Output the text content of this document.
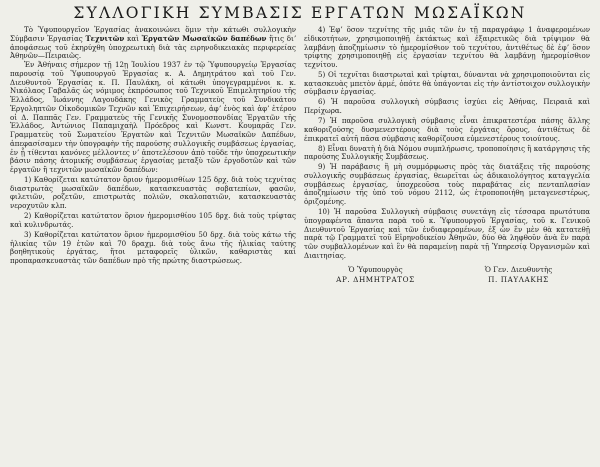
ΣΥΛΛΟΓΙΚΗ ΣΥΜΒΑΣΙΣ ΕΡΓΑΤΩΝ ΜΩΣΑΪΚΩΝ

Τὸ Ὑφυπουργεῖον Ἐργασίας ἀνακοινώνει ὅμιν τὴν κάτωθι συλλογικὴν Σύμβασιν Ἐργασίας Τεχνιτῶν καὶ Ἐργατῶν Μωσαϊκῶν δαπέδων ἥτις διʼ ἀποφάσεως τοῦ ἐκηρύχθη ὑποχρεωτικὴ διὰ τὰς ειρηνοδικειακὰς περιφερείας Ἀθηνῶν—Πειραιῶς.

Ἐν Ἀθήναις σήμερον τῇ 12ῃ Ἰουλίου 1937 ἐν τῷ Ὑφυπουργείῳ Ἐργασίας παρουσίᾳ τοῦ Ὑφυπουργοῦ Ἐργασίας κ. Α. Δημητράτου καὶ τοῦ Γεν. Διευθυντοῦ Ἐργασίας κ. Π. Παυλάκη, οἱ κάτωθι ὑπογεγραμμένοι κ. κ. Νικόλαος Γαβαλᾶς ὡς νόμιμος ἐκπρόσωπος τοῦ Τεχνικοῦ Ἐπιμελητηρίου τῆς Ἑλλάδος, Ἰωάννης Λαγουδάκης Γενικὸς Γραμματεὺς τοῦ Συνδικάτου Ἐργοληπτῶν Οἰκοδομικῶν Τεχνῶν καὶ Ἐπιχειρήσεων, ἀφʼ ἑνὸς καὶ ἀφʼ ἑτέρου οἱ Δ. Παππᾶς Γεν. Γραμματεὺς τῆς Γενικῆς Συνομοσπονδίας Ἐργατῶν τῆς Ἑλλάδος, Ἀντώνιος Παπαμιχαὴλ Πρόεδρος καὶ Κωνστ. Κουμαρᾶς Γεν. Γραμματεὺς τοῦ Σωματείου Ἐργατῶν καὶ Τεχνιτῶν Μωσαϊκῶν Δαπέδων, ἀπεφασίσαμεν τὴν ὑπογραφὴν τῆς παρούσης συλλογικῆς συμβάσεως ἐργασίας, ἐν ᾗ τίθενται κανόνες μέλλοντες νʼ ἀποτελέσουν ἀπὸ τοῦδε τὴν ὑποχρεωτικὴν βάσιν πάσης ἀτομικῆς συμβάσεως ἐργασίας μεταξὺ τῶν ἐργοδοτῶν καὶ τῶν ἐργατῶν ἢ τεχνιτῶν μωσαϊκῶν δαπέδων:

1) Καθορίζεται κατώτατον ὅριον ἡμερομισθίων 125 δρχ. διὰ τοὺς τεχνίτας διαστρωτὰς μωσαϊκῶν δαπέδων, κατασκευαστὰς σοβατεπίων, φασῶν, φιλετιῶν, ροζετῶν, επιστρωτὰς πολιῶν, σκαλοπατιῶν, κατασκευαστὰς νεροχυτῶν κλπ.

2) Καθορίζεται κατώτατον ὅριον ἡμερομισθίου 105 δρχ. διὰ τοὺς τρίφτας καὶ κυλινδρωτάς.

3) Καθορίζεται κατώτατον ὅριον ἡμερομισθίου 50 δρχ. διὰ τοὺς κάτω τῆς ἡλικίας τῶν 19 ἐτῶν καὶ 70 δραχμ. διὰ τοὺς ἄνω τῆς ἡλικίας ταύτης βοηθητικοὺς ἐργάτας, ἤτοι μεταφορεῖς ὑλικῶν, καθαριστὰς καὶ προπαρασκευαστὰς τῶν δαπέδων πρὸ τῆς πρώτης διαστρώσεως.

4) Ἐφʼ ὅσον τεχνίτης τῆς μιᾶς τῶν ἐν τῇ παραγράφῳ 1 ἀναφερομένων εἰδικοτήτων, χρησιμοποιηθῇ ἐκτάκτως καὶ ἐξαιρετικῶς διὰ τρίψιμον θὰ λαμβάνῃ ἀποζημίωσιν τὸ ἡμερομίσθιον τοῦ τεχνίτου, ἀντιθέτως δὲ ἐφʼ ὅσον τρίφτης χρησιμοποιηθῇ εἰς ἐργασίαν τεχνίτου θὰ λαμβάνῃ ἡμερομίσθιον τεχνίτου.

5) Οἱ τεχνῖται διαστρωταὶ καὶ τρίφται, δύνανται νὰ χρησιμοποιοῦνται εἰς κατασκευὰς μπετὸν ἀρμέ, ὁπότε θὰ ὑπάγονται εἰς τὴν ἀντίστοιχον συλλογικὴν σύμβασιν ἐργασίας.

6) Ἡ παροῦσα συλλογικὴ σύμβασις ἰσχύει εἰς Ἀθήνας, Πειραιᾶ καὶ Περίχωρα.

7) Ἡ παροῦσα συλλογικὴ σύμβασις εἶναι ἐπικρατεστέρα πάσης ἄλλης καθοριζούσης δυσμενεστέρους διὰ τοὺς ἐργάτας ὅρους, ἀντιθέτως δὲ ἐπικρατεῖ αὐτῆ πᾶσα σύμβασις καθορίζουσα εὐμενεστέρους τοιούτους.

8) Εἶναι δυνατὴ ἡ διὰ Νόμου συμπλήρωσις, τροποποίησις ἢ κατάργησις τῆς παρούσης Συλλογικῆς Συμβάσεως.

9) Ἡ παράβασις ἢ μὴ συμμόρφωσις πρὸς τὰς διατάξεις τῆς παρούσης συλλογικῆς συμβάσεως ἐργασίας, θεωρεῖται ὡς ἀδικαιολόγητος καταγγελία συμβάσεως ἐργασίας, ὑποχρεοῦσα τοὺς παραβάτας εἰς πενταπλασίαν ἀποζημίωσιν τῆς ὑπὸ τοῦ νόμου 2112, ὡς ἐτροποποιήθη μεταγενεστέρως, ὁριζομένης.

10) Ἡ παροῦσα Συλλογικὴ σύμβασις συνετάγη εἰς τέσσαρα πρωτότυπα ὑπογραφέντα ἅπαντα παρὰ τοῦ κ. Ὑφυπουργοῦ Ἐργασίας, τοῦ κ. Γενικοῦ Διευθυντοῦ Ἐργασίας καὶ τῶν ἐνδιαφερομένων, ἐξ ὧν ἓν μὲν θὰ κατατεθῇ παρὰ τῷ Γραμματεῖ τοῦ Εἰρηνοδικείου Ἀθηνῶν, δύο θὰ ληφθοῦν ἀνὰ ἓν παρὰ τῶν συμβαλλομένων καὶ ἓν θὰ παραμείνῃ παρὰ τῇ Ὑπηρεσίᾳ Ὀργανισμῶν καὶ Διαιτησίας.

Ὁ Ὑφυπουργὸς	Ὁ Γεν. Διευθυντὴς
ΑΡ. ΔΗΜΗΤΡΑΤΟΣ	Π. ΠΑΥΛΑΚΗΣ
